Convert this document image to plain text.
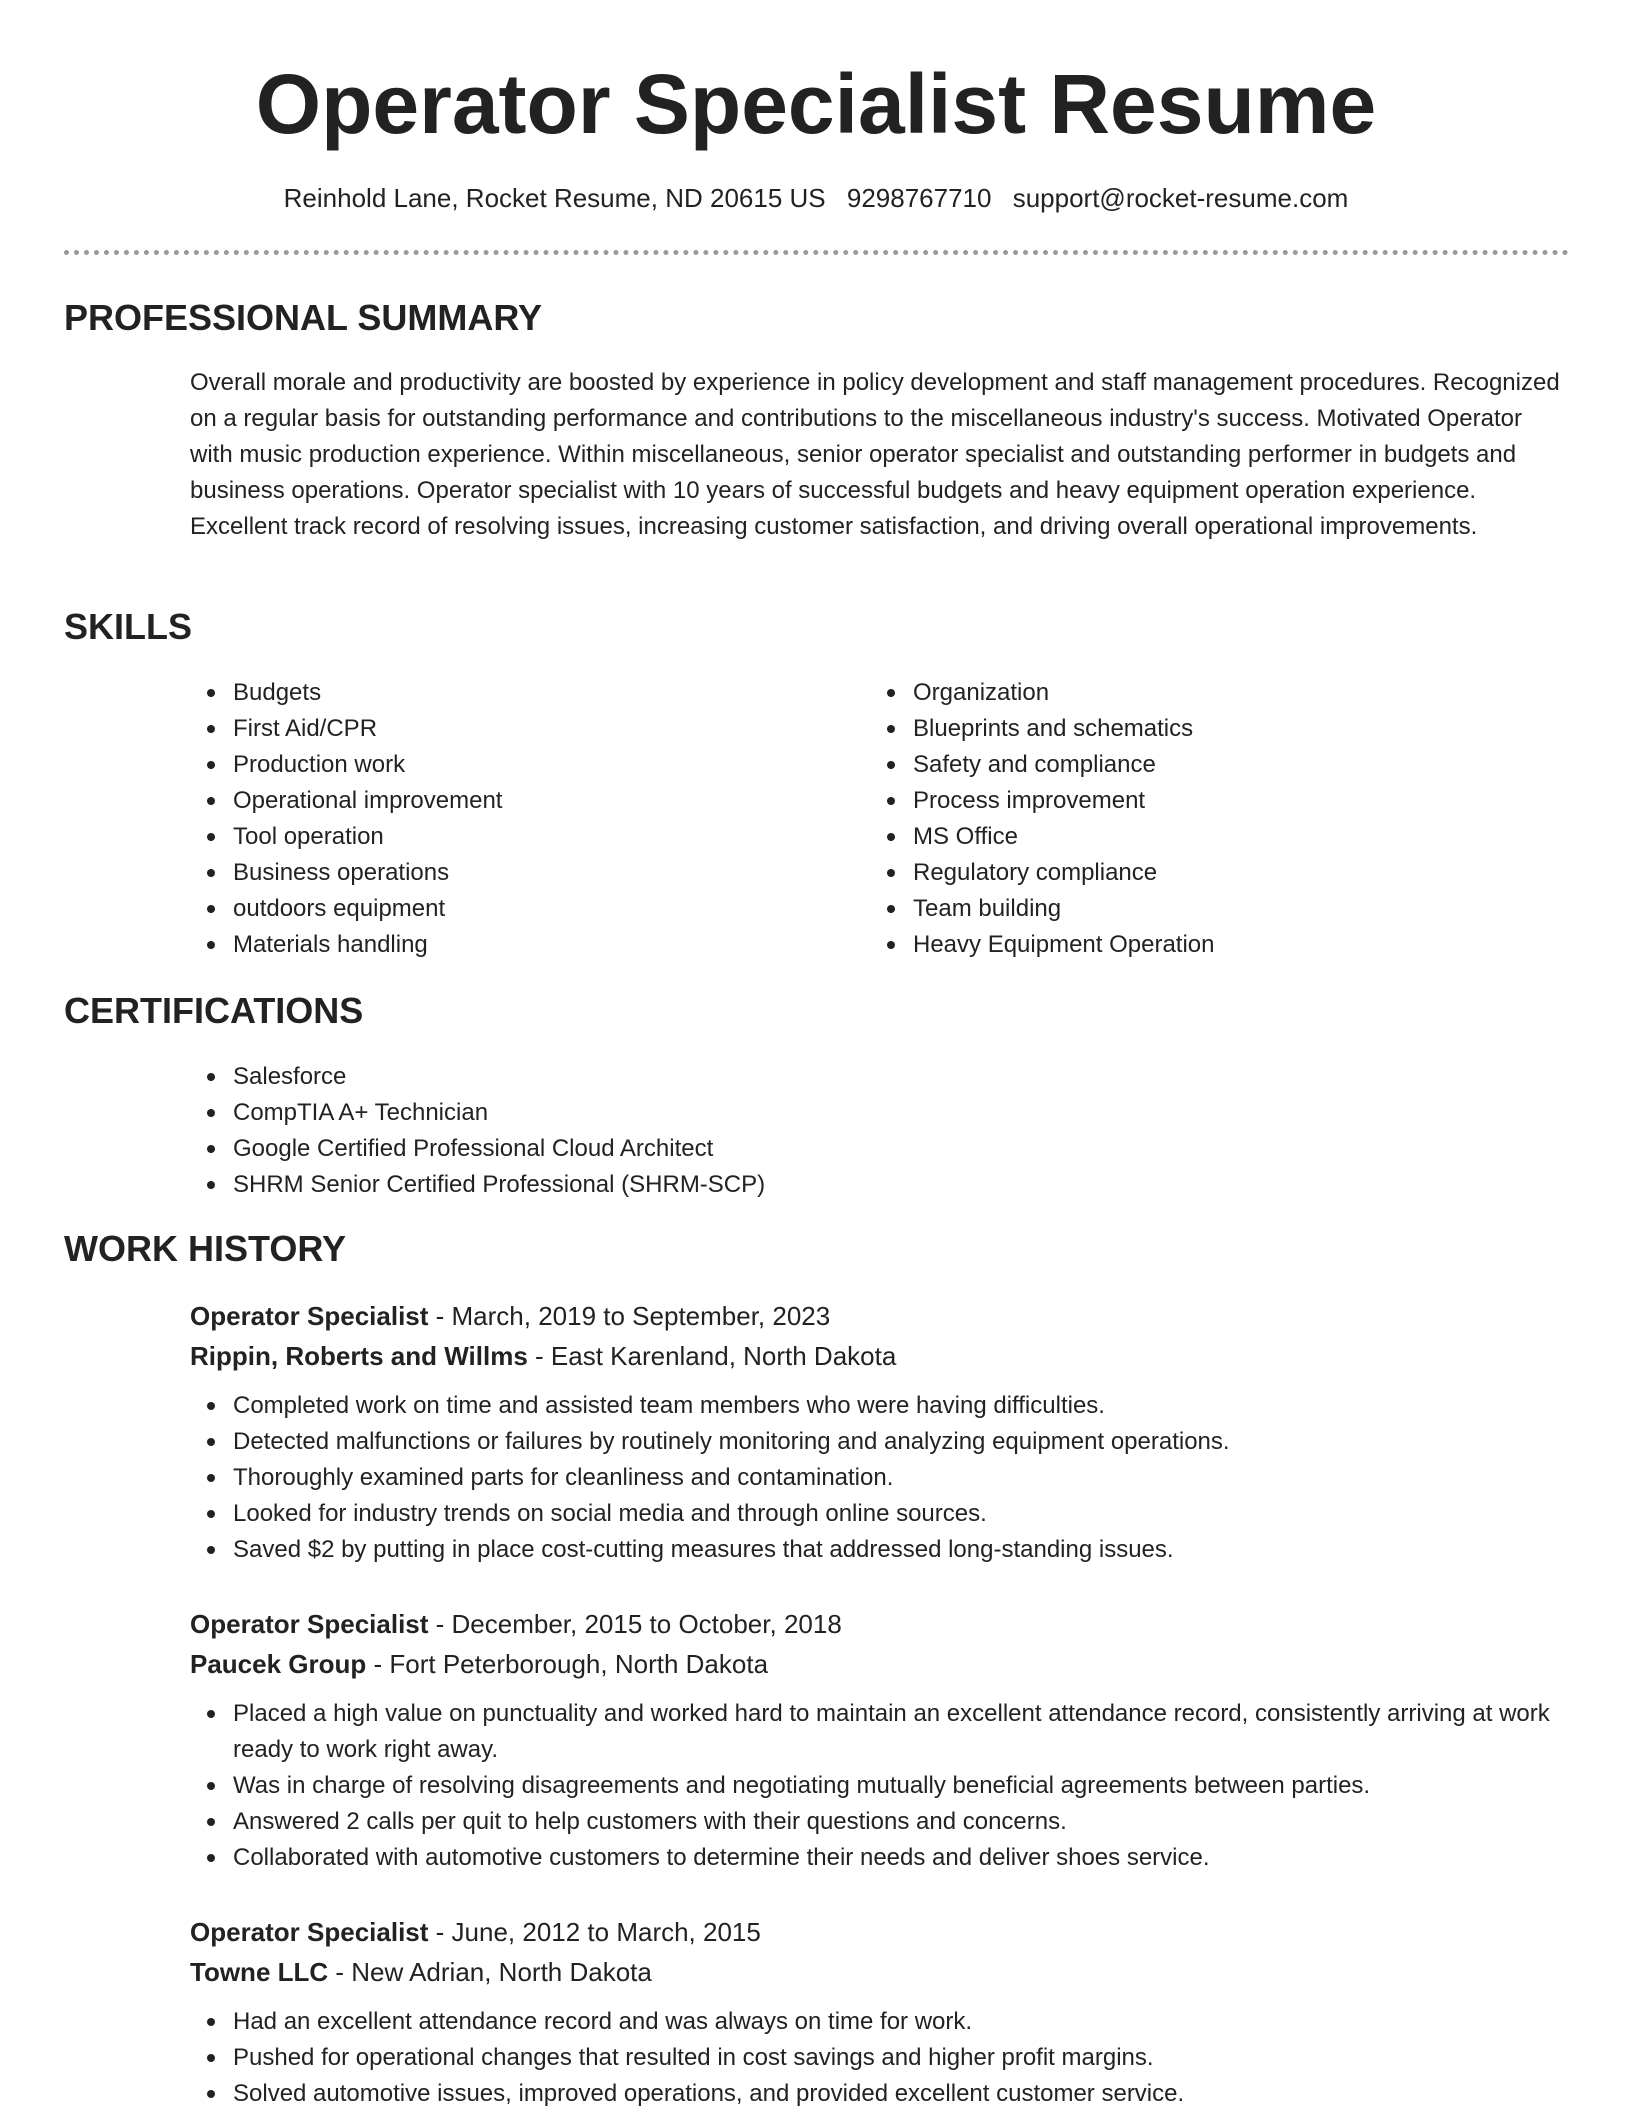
Operator Specialist Resume
Reinhold Lane, Rocket Resume, ND 20615 US 9298767710 support@rocket-resume.com
PROFESSIONAL SUMMARY

Overall morale and productivity are boosted by experience in policy development and staff management procedures. Recognized on a regular basis for outstanding performance and contributions to the miscellaneous industry's success. Motivated Operator with music production experience. Within miscellaneous, senior operator specialist and outstanding performer in budgets and business operations. Operator specialist with 10 years of successful budgets and heavy equipment operation experience. Excellent track record of resolving issues, increasing customer satisfaction, and driving overall operational improvements.

SKILLS
Budgets
First Aid/CPR
Production work
Operational improvement
Tool operation
Business operations
outdoors equipment
Materials handling
Organization
Blueprints and schematics
Safety and compliance
Process improvement
MS Office
Regulatory compliance
Team building
Heavy Equipment Operation
CERTIFICATIONS
Salesforce
CompTIA A+ Technician
Google Certified Professional Cloud Architect
SHRM Senior Certified Professional (SHRM-SCP)
WORK HISTORY

Operator Specialist - March, 2019 to September, 2023

Rippin, Roberts and Willms - East Karenland, North Dakota

Completed work on time and assisted team members who were having difficulties.
Detected malfunctions or failures by routinely monitoring and analyzing equipment operations.
Thoroughly examined parts for cleanliness and contamination.
Looked for industry trends on social media and through online sources.
Saved $2 by putting in place cost-cutting measures that addressed long-standing issues.

Operator Specialist - December, 2015 to October, 2018

Paucek Group - Fort Peterborough, North Dakota

Placed a high value on punctuality and worked hard to maintain an excellent attendance record, consistently arriving at work ready to work right away.
Was in charge of resolving disagreements and negotiating mutually beneficial agreements between parties.
Answered 2 calls per quit to help customers with their questions and concerns.
Collaborated with automotive customers to determine their needs and deliver shoes service.

Operator Specialist - June, 2012 to March, 2015

Towne LLC - New Adrian, North Dakota

Had an excellent attendance record and was always on time for work.
Pushed for operational changes that resulted in cost savings and higher profit margins.
Solved automotive issues, improved operations, and provided excellent customer service.
